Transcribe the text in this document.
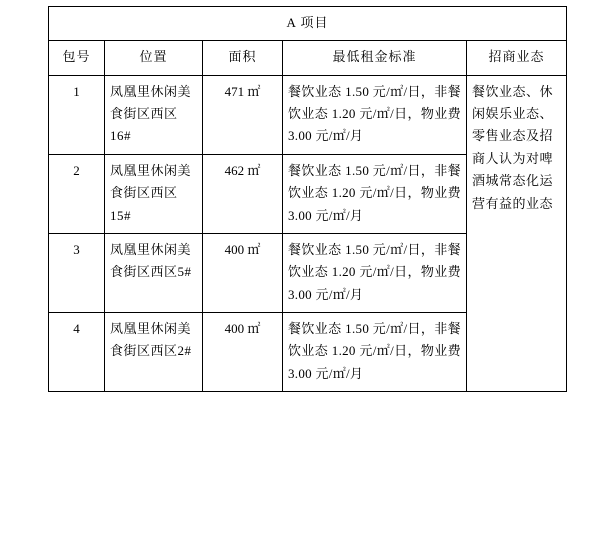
A 项目				
包号	位置	面积	最低租金标准	招商业态
1	凤凰里休闲美食街区西区16#	471 ㎡	餐饮业态 1.50 元/㎡/日，非餐饮业态 1.20 元/㎡/日，物业费 3.00 元/㎡/月	餐饮业态、休闲娱乐业态、零售业态及招商人认为对啤酒城常态化运营有益的业态
2	凤凰里休闲美食街区西区15#	462 ㎡	餐饮业态 1.50 元/㎡/日，非餐饮业态 1.20 元/㎡/日，物业费 3.00 元/㎡/月	
3	凤凰里休闲美食街区西区5#	400 ㎡	餐饮业态 1.50 元/㎡/日，非餐饮业态 1.20 元/㎡/日，物业费 3.00 元/㎡/月	
4	凤凰里休闲美食街区西区2#	400 ㎡	餐饮业态 1.50 元/㎡/日，非餐饮业态 1.20 元/㎡/日，物业费 3.00 元/㎡/月	
